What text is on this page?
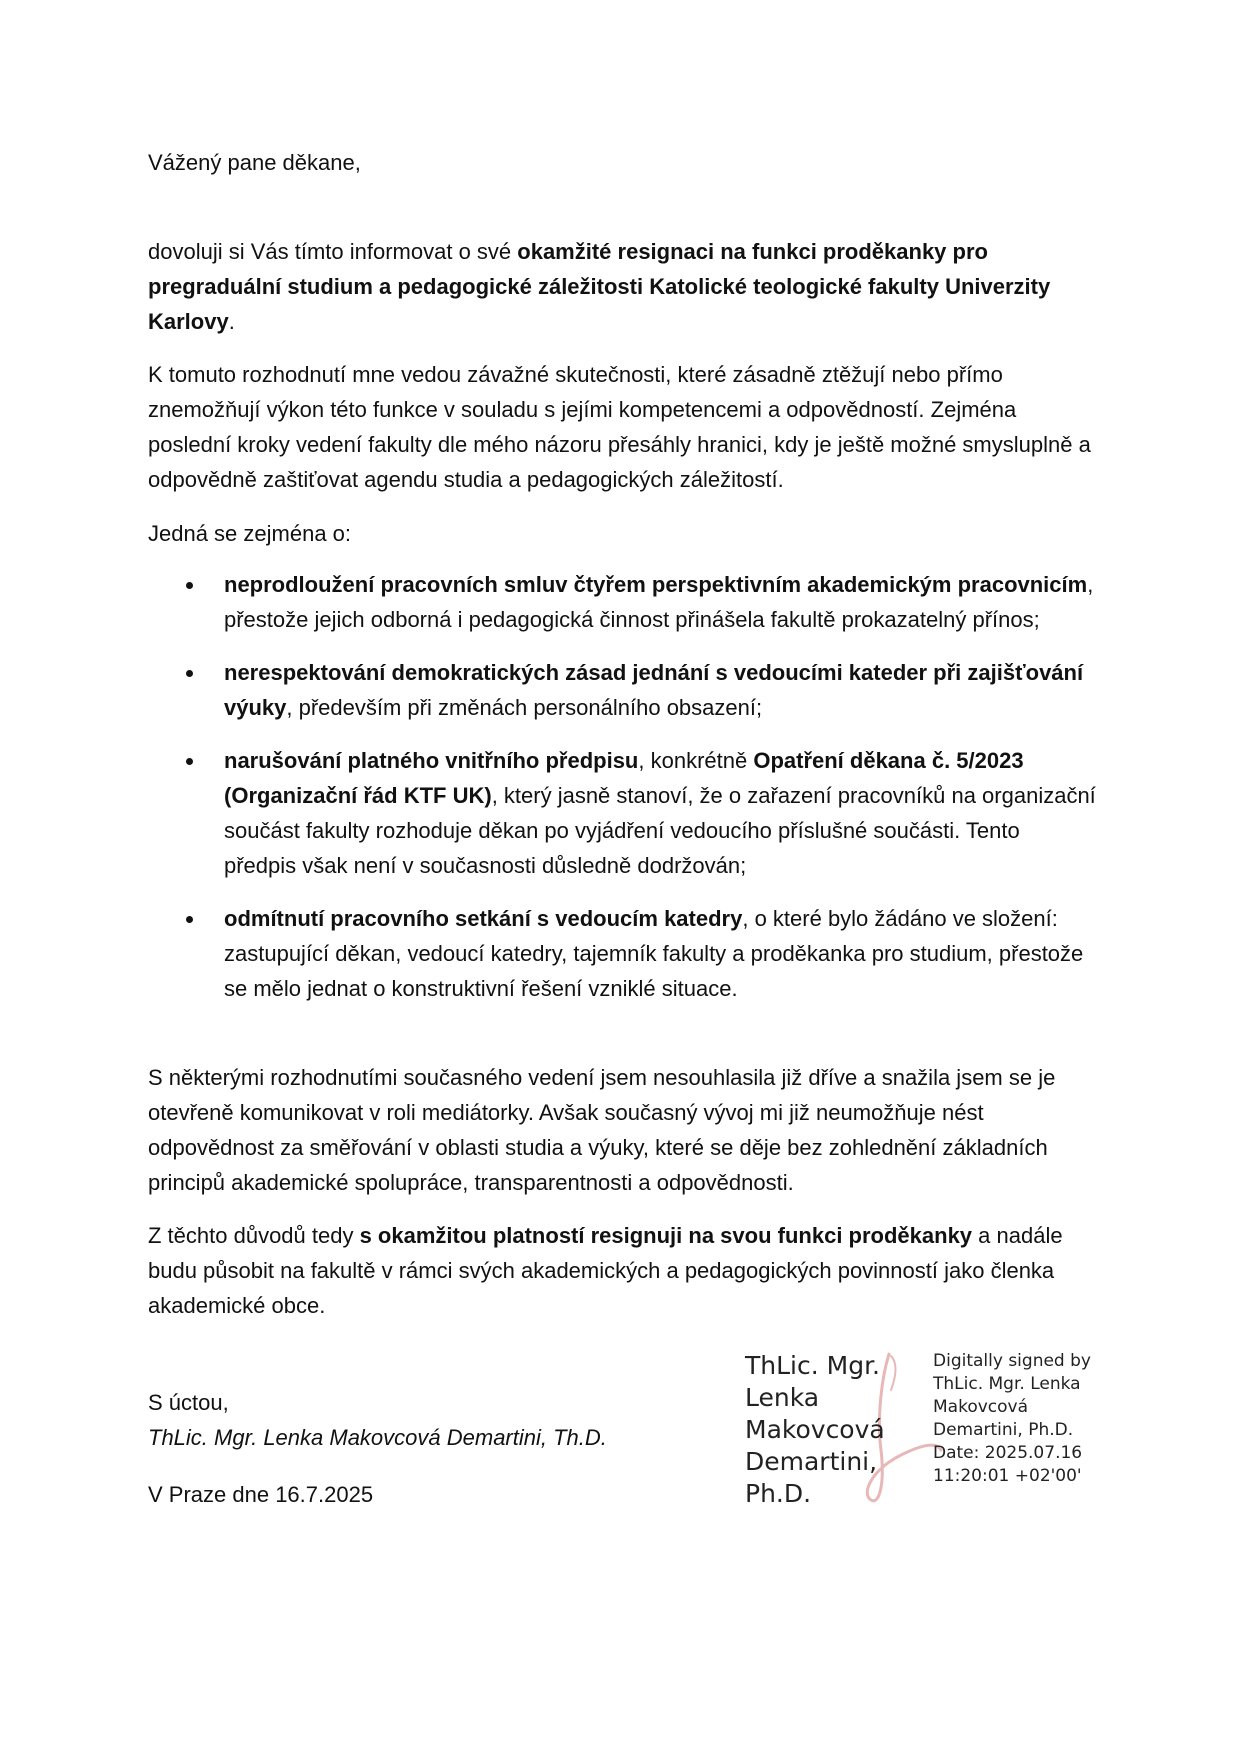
Vážený pane děkane,
dovoluji si Vás tímto informovat o své okamžité resignaci na funkci proděkanky pro pregraduální studium a pedagogické záležitosti Katolické teologické fakulty Univerzity Karlovy.
K tomuto rozhodnutí mne vedou závažné skutečnosti, které zásadně ztěžují nebo přímo znemožňují výkon této funkce v souladu s jejími kompetencemi a odpovědností. Zejména poslední kroky vedení fakulty dle mého názoru přesáhly hranici, kdy je ještě možné smysluplně a odpovědně zaštiťovat agendu studia a pedagogických záležitostí.
Jedná se zejména o:
neprodloužení pracovních smluv čtyřem perspektivním akademickým pracovnicím, přestože jejich odborná i pedagogická činnost přinášela fakultě prokazatelný přínos;
nerespektování demokratických zásad jednání s vedoucími kateder při zajišťování výuky, především při změnách personálního obsazení;
narušování platného vnitřního předpisu, konkrétně Opatření děkana č. 5/2023 (Organizační řád KTF UK), který jasně stanoví, že o zařazení pracovníků na organizační součást fakulty rozhoduje děkan po vyjádření vedoucího příslušné součásti. Tento předpis však není v současnosti důsledně dodržován;
odmítnutí pracovního setkání s vedoucím katedry, o které bylo žádáno ve složení: zastupující děkan, vedoucí katedry, tajemník fakulty a proděkanka pro studium, přestože se mělo jednat o konstruktivní řešení vzniklé situace.
S některými rozhodnutími současného vedení jsem nesouhlasila již dříve a snažila jsem se je otevřeně komunikovat v roli mediátorky. Avšak současný vývoj mi již neumožňuje nést odpovědnost za směřování v oblasti studia a výuky, které se děje bez zohlednění základních principů akademické spolupráce, transparentnosti a odpovědnosti.
Z těchto důvodů tedy s okamžitou platností resignuji na svou funkci proděkanky a nadále budu působit na fakultě v rámci svých akademických a pedagogických povinností jako členka akademické obce.
S úctou,
ThLic. Mgr. Lenka Makovcová Demartini, Th.D.
V Praze dne 16.7.2025
ThLic. Mgr.
Lenka
Makovcová
Demartini, Ph.D.
Digitally signed by
ThLic. Mgr. Lenka
Makovcová
Demartini, Ph.D.
Date: 2025.07.16
11:20:01 +02'00'
